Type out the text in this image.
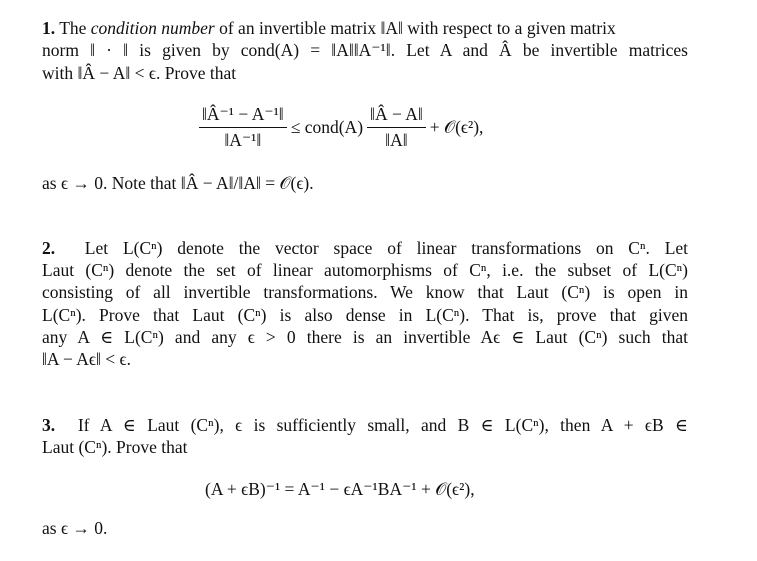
1. The condition number of an invertible matrix ‖A‖ with respect to a given matrix
norm ‖ · ‖ is given by cond(A) = ‖A‖‖A⁻¹‖. Let A and Â be invertible matrices
with ‖Â − A‖ < ϵ. Prove that
$\frac{\text{‖Â⁻¹ − A⁻¹‖}}{\text{‖A⁻¹‖}}$ ≤ cond(A) $\frac{‖Â - A‖}{‖A‖}$ + 𝒪(ϵ²),
as ϵ → 0. Note that ‖Â − A‖/‖A‖ = 𝒪(ϵ).
2. Let L(Cⁿ) denote the vector space of linear transformations on Cⁿ. Let
Laut (Cⁿ) denote the set of linear automorphisms of Cⁿ, i.e. the subset of L(Cⁿ)
consisting of all invertible transformations. We know that Laut (Cⁿ) is open in
L(Cⁿ). Prove that Laut (Cⁿ) is also dense in L(Cⁿ). That is, prove that given
any A ∈ L(Cⁿ) and any ϵ > 0 there is an invertible Aϵ ∈ Laut (Cⁿ) such that
‖A − Aϵ‖ < ϵ.
3. If A ∈ Laut (Cⁿ), ϵ is sufficiently small, and B ∈ L(Cⁿ), then A + ϵB ∈
Laut (Cⁿ). Prove that
(A + ϵB)⁻¹ = A⁻¹ − ϵA⁻¹BA⁻¹ + 𝒪(ϵ²),
as ϵ → 0.
